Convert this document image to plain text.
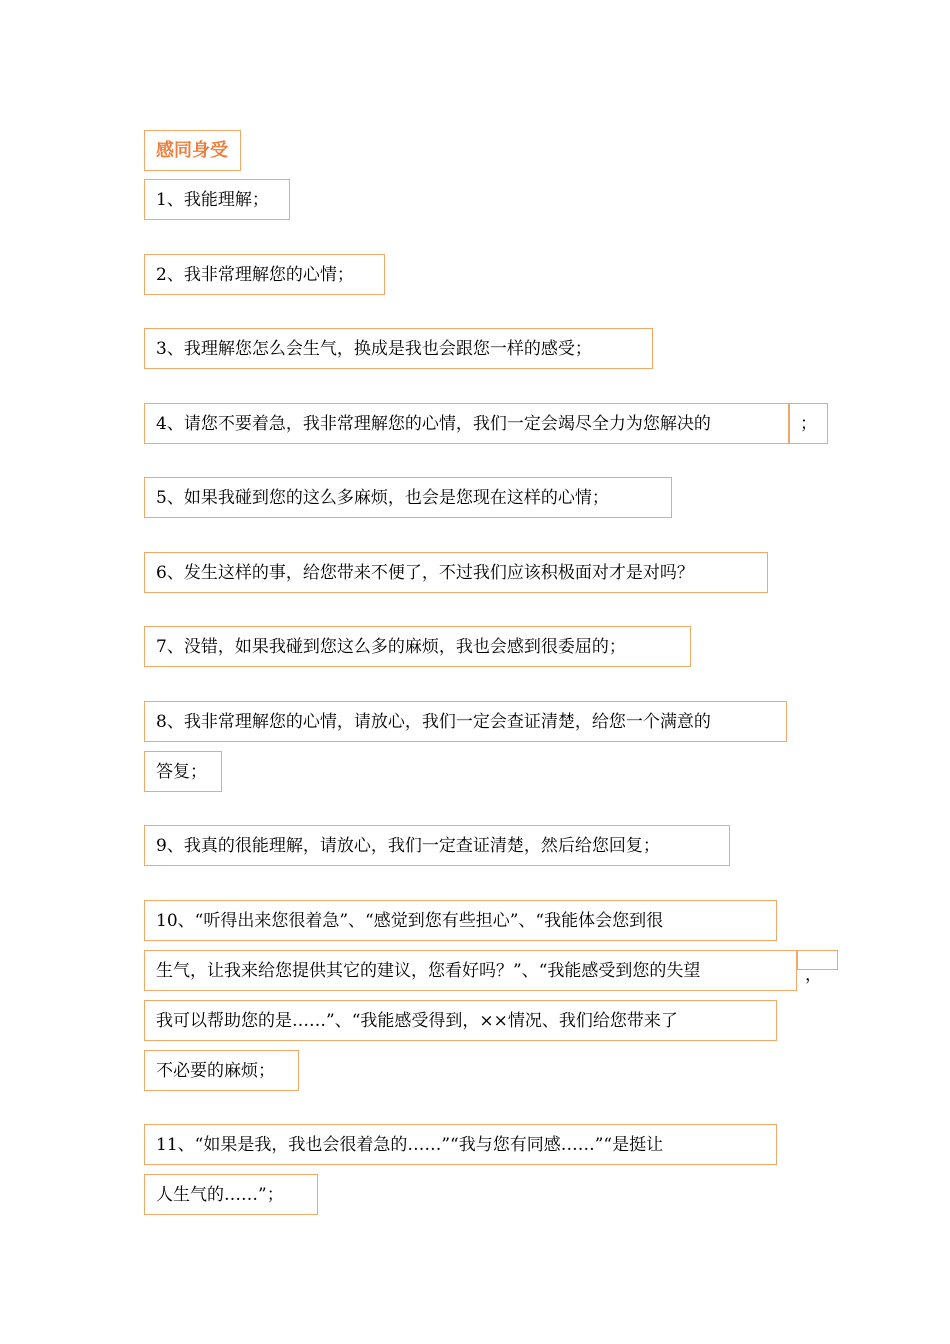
感同身受
1、我能理解；
2、我非常理解您的心情；
3、我理解您怎么会生气，换成是我也会跟您一样的感受；
4、请您不要着急，我非常理解您的心情，我们一定会竭尽全力为您解决的	；
5、如果我碰到您的这么多麻烦，也会是您现在这样的心情；
6、发生这样的事，给您带来不便了，不过我们应该积极面对才是对吗？
7、没错，如果我碰到您这么多的麻烦，我也会感到很委屈的；
8、我非常理解您的心情，请放心，我们一定会查证清楚，给您一个满意的
答复；
9、我真的很能理解，请放心，我们一定查证清楚，然后给您回复；
10、“听得出来您很着急”、“感觉到您有些担心”、“我能体会您到很
生气，让我来给您提供其它的建议，您看好吗？”、“我能感受到您的失望	，
我可以帮助您的是……”、“我能感受得到，××情况、我们给您带来了
不必要的麻烦；
11、“如果是我，我也会很着急的……”“我与您有同感……”“是挺让
人生气的……”；
